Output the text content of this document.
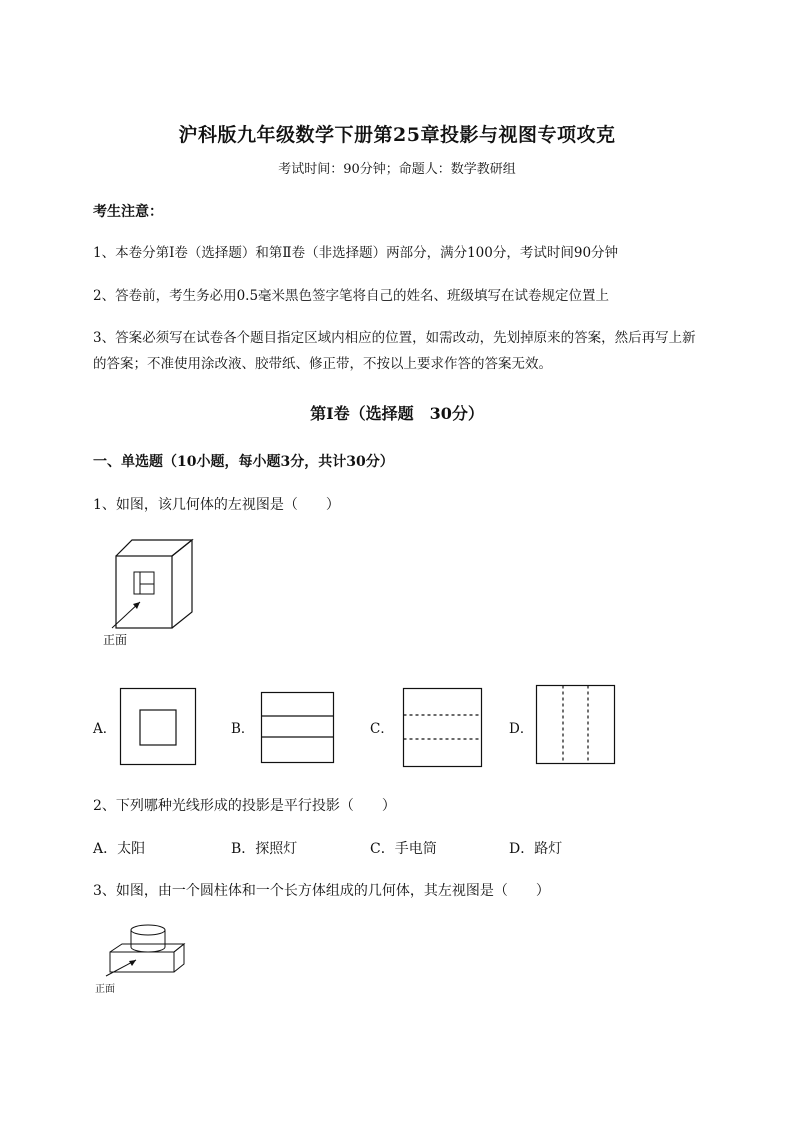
沪科版九年级数学下册第25章投影与视图专项攻克
考试时间：90分钟；命题人：数学教研组
考生注意：
1、本卷分第I卷（选择题）和第Ⅱ卷（非选择题）两部分，满分100分，考试时间90分钟
2、答卷前，考生务必用0.5毫米黑色签字笔将自己的姓名、班级填写在试卷规定位置上
3、答案必须写在试卷各个题目指定区域内相应的位置，如需改动，先划掉原来的答案，然后再写上新
的答案；不准使用涂改液、胶带纸、修正带，不按以上要求作答的答案无效。
第I卷（选择题　30分）
一、单选题（10小题，每小题3分，共计30分）
1、如图，该几何体的左视图是（　　）
正面
A．	B．	C．	D．
2、下列哪种光线形成的投影是平行投影（　　）
A．太阳	B．探照灯	C．手电筒	D．路灯
3、如图，由一个圆柱体和一个长方体组成的几何体，其左视图是（　　）
正面
